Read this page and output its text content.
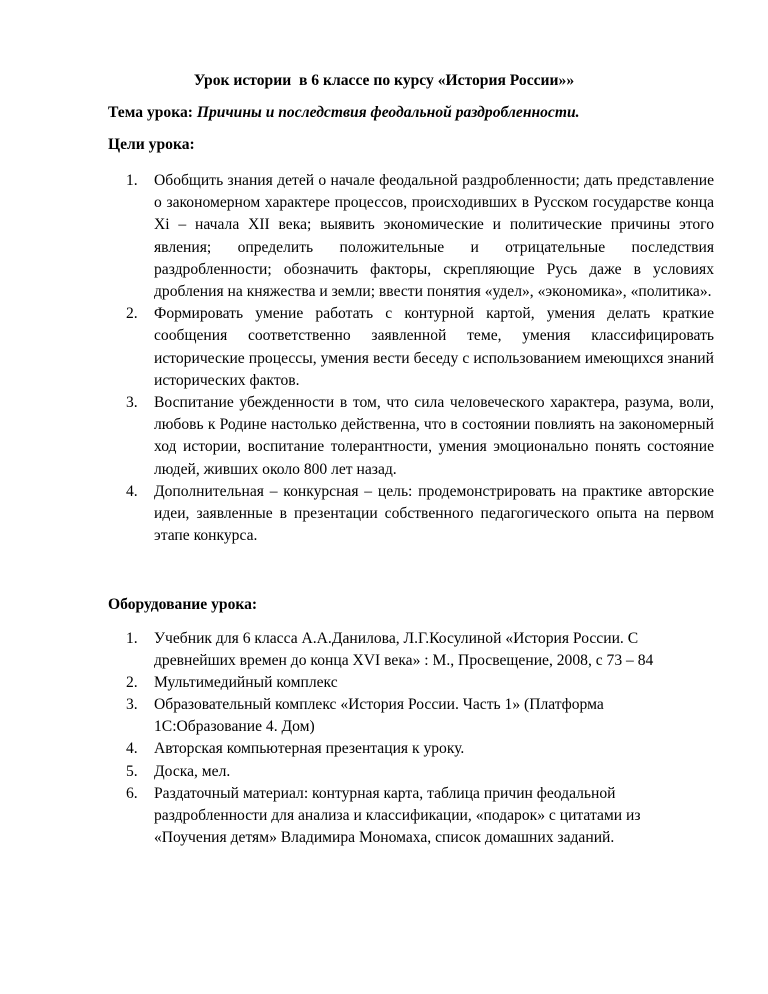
Урок истории  в 6 классе по курсу «История России»»
Тема урока: Причины и последствия феодальной раздробленности.
Цели урока:
1. Обобщить знания детей о начале феодальной раздробленности; дать представление о закономерном характере процессов, происходивших в Русском государстве конца Xi – начала XII века; выявить экономические и политические причины этого явления; определить положительные и отрицательные последствия раздробленности; обозначить факторы, скрепляющие Русь даже в условиях дробления на княжества и земли; ввести понятия «удел», «экономика», «политика».
2. Формировать умение работать с контурной картой, умения делать краткие сообщения соответственно заявленной теме, умения классифицировать исторические процессы, умения вести беседу с использованием имеющихся знаний исторических фактов.
3. Воспитание убежденности в том, что сила человеческого характера, разума, воли, любовь к Родине настолько действенна, что в состоянии повлиять на закономерный ход истории, воспитание толерантности, умения эмоционально понять состояние людей, живших около 800 лет назад.
4. Дополнительная – конкурсная – цель: продемонстрировать на практике авторские идеи, заявленные в презентации собственного педагогического опыта на первом этапе конкурса.
Оборудование урока:
1. Учебник для 6 класса А.А.Данилова, Л.Г.Косулиной «История России. С древнейших времен до конца XVI века» : М., Просвещение, 2008, с 73 – 84
2. Мультимедийный комплекс
3. Образовательный комплекс «История России. Часть 1» (Платформа 1С:Образование 4. Дом)
4. Авторская компьютерная презентация к уроку.
5. Доска, мел.
6. Раздаточный материал: контурная карта, таблица причин феодальной раздробленности для анализа и классификации, «подарок» с цитатами из «Поучения детям» Владимира Мономаха, список домашних заданий.
